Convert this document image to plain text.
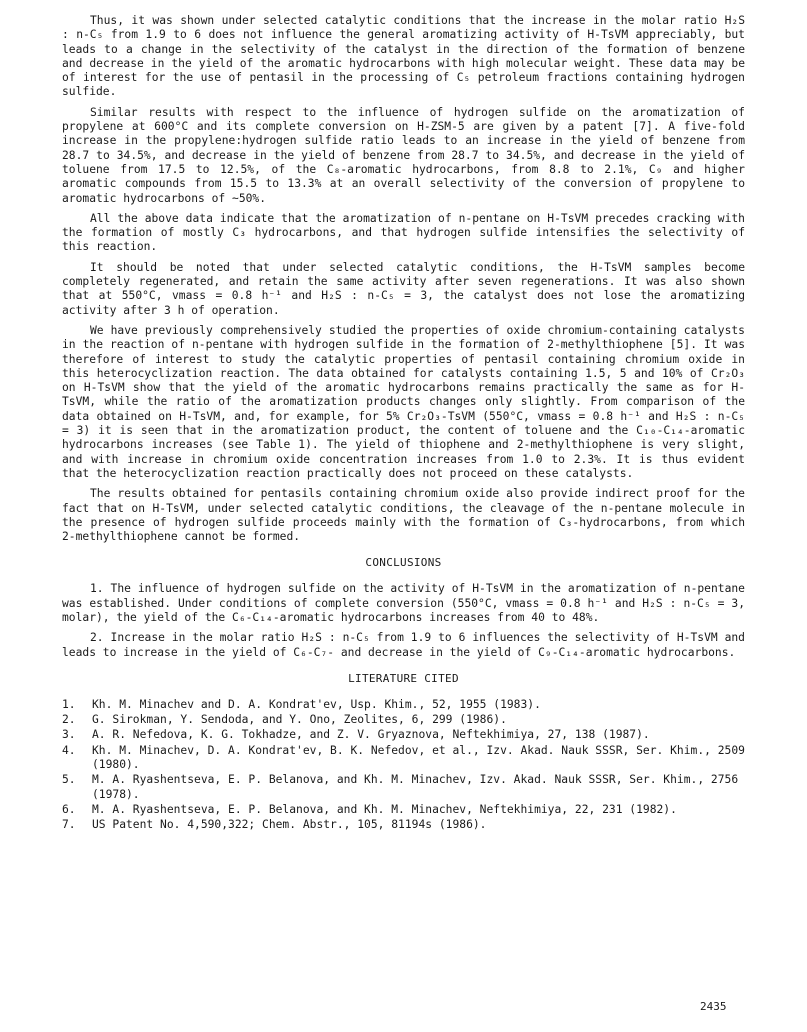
Thus, it was shown under selected catalytic conditions that the increase in the molar ratio H₂S : n-C₅ from 1.9 to 6 does not influence the general aromatizing activity of H-TsVM appreciably, but leads to a change in the selectivity of the catalyst in the direction of the formation of benzene and decrease in the yield of the aromatic hydrocarbons with high molecular weight. These data may be of interest for the use of pentasil in the processing of C₅ petroleum fractions containing hydrogen sulfide.

Similar results with respect to the influence of hydrogen sulfide on the aromatization of propylene at 600°C and its complete conversion on H-ZSM-5 are given by a patent [7]. A five-fold increase in the propylene:hydrogen sulfide ratio leads to an increase in the yield of benzene from 28.7 to 34.5%, and decrease in the yield of benzene from 28.7 to 34.5%, and decrease in the yield of toluene from 17.5 to 12.5%, of the C₈-aromatic hydrocarbons, from 8.8 to 2.1%, C₉ and higher aromatic compounds from 15.5 to 13.3% at an overall selectivity of the conversion of propylene to aromatic hydrocarbons of ~50%.

All the above data indicate that the aromatization of n-pentane on H-TsVM precedes cracking with the formation of mostly C₃ hydrocarbons, and that hydrogen sulfide intensifies the selectivity of this reaction.

It should be noted that under selected catalytic conditions, the H-TsVM samples become completely regenerated, and retain the same activity after seven regenerations. It was also shown that at 550°C, vmass = 0.8 h⁻¹ and H₂S : n-C₅ = 3, the catalyst does not lose the aromatizing activity after 3 h of operation.

We have previously comprehensively studied the properties of oxide chromium-containing catalysts in the reaction of n-pentane with hydrogen sulfide in the formation of 2-methylthiophene [5]. It was therefore of interest to study the catalytic properties of pentasil containing chromium oxide in this heterocyclization reaction. The data obtained for catalysts containing 1.5, 5 and 10% of Cr₂O₃ on H-TsVM show that the yield of the aromatic hydrocarbons remains practically the same as for H-TsVM, while the ratio of the aromatization products changes only slightly. From comparison of the data obtained on H-TsVM, and, for example, for 5% Cr₂O₃-TsVM (550°C, vmass = 0.8 h⁻¹ and H₂S : n-C₅ = 3) it is seen that in the aromatization product, the content of toluene and the C₁₀-C₁₄-aromatic hydrocarbons increases (see Table 1). The yield of thiophene and 2-methylthiophene is very slight, and with increase in chromium oxide concentration increases from 1.0 to 2.3%. It is thus evident that the heterocyclization reaction practically does not proceed on these catalysts.

The results obtained for pentasils containing chromium oxide also provide indirect proof for the fact that on H-TsVM, under selected catalytic conditions, the cleavage of the n-pentane molecule in the presence of hydrogen sulfide proceeds mainly with the formation of C₃-hydrocarbons, from which 2-methylthiophene cannot be formed.

CONCLUSIONS

1. The influence of hydrogen sulfide on the activity of H-TsVM in the aromatization of n-pentane was established. Under conditions of complete conversion (550°C, vmass = 0.8 h⁻¹ and H₂S : n-C₅ = 3, molar), the yield of the C₆-C₁₄-aromatic hydrocarbons increases from 40 to 48%.

2. Increase in the molar ratio H₂S : n-C₅ from 1.9 to 6 influences the selectivity of H-TsVM and leads to increase in the yield of C₆-C₇- and decrease in the yield of C₉-C₁₄-aromatic hydrocarbons.

LITERATURE CITED
1.	Kh. M. Minachev and D. A. Kondrat'ev, Usp. Khim., 52, 1955 (1983).
2.	G. Sirokman, Y. Sendoda, and Y. Ono, Zeolites, 6, 299 (1986).
3.	A. R. Nefedova, K. G. Tokhadze, and Z. V. Gryaznova, Neftekhimiya, 27, 138 (1987).
4.	Kh. M. Minachev, D. A. Kondrat'ev, B. K. Nefedov, et al., Izv. Akad. Nauk SSSR, Ser. Khim., 2509 (1980).
5.	M. A. Ryashentseva, E. P. Belanova, and Kh. M. Minachev, Izv. Akad. Nauk SSSR, Ser. Khim., 2756 (1978).
6.	M. A. Ryashentseva, E. P. Belanova, and Kh. M. Minachev, Neftekhimiya, 22, 231 (1982).
7.	US Patent No. 4,590,322; Chem. Abstr., 105, 81194s (1986).
2435
